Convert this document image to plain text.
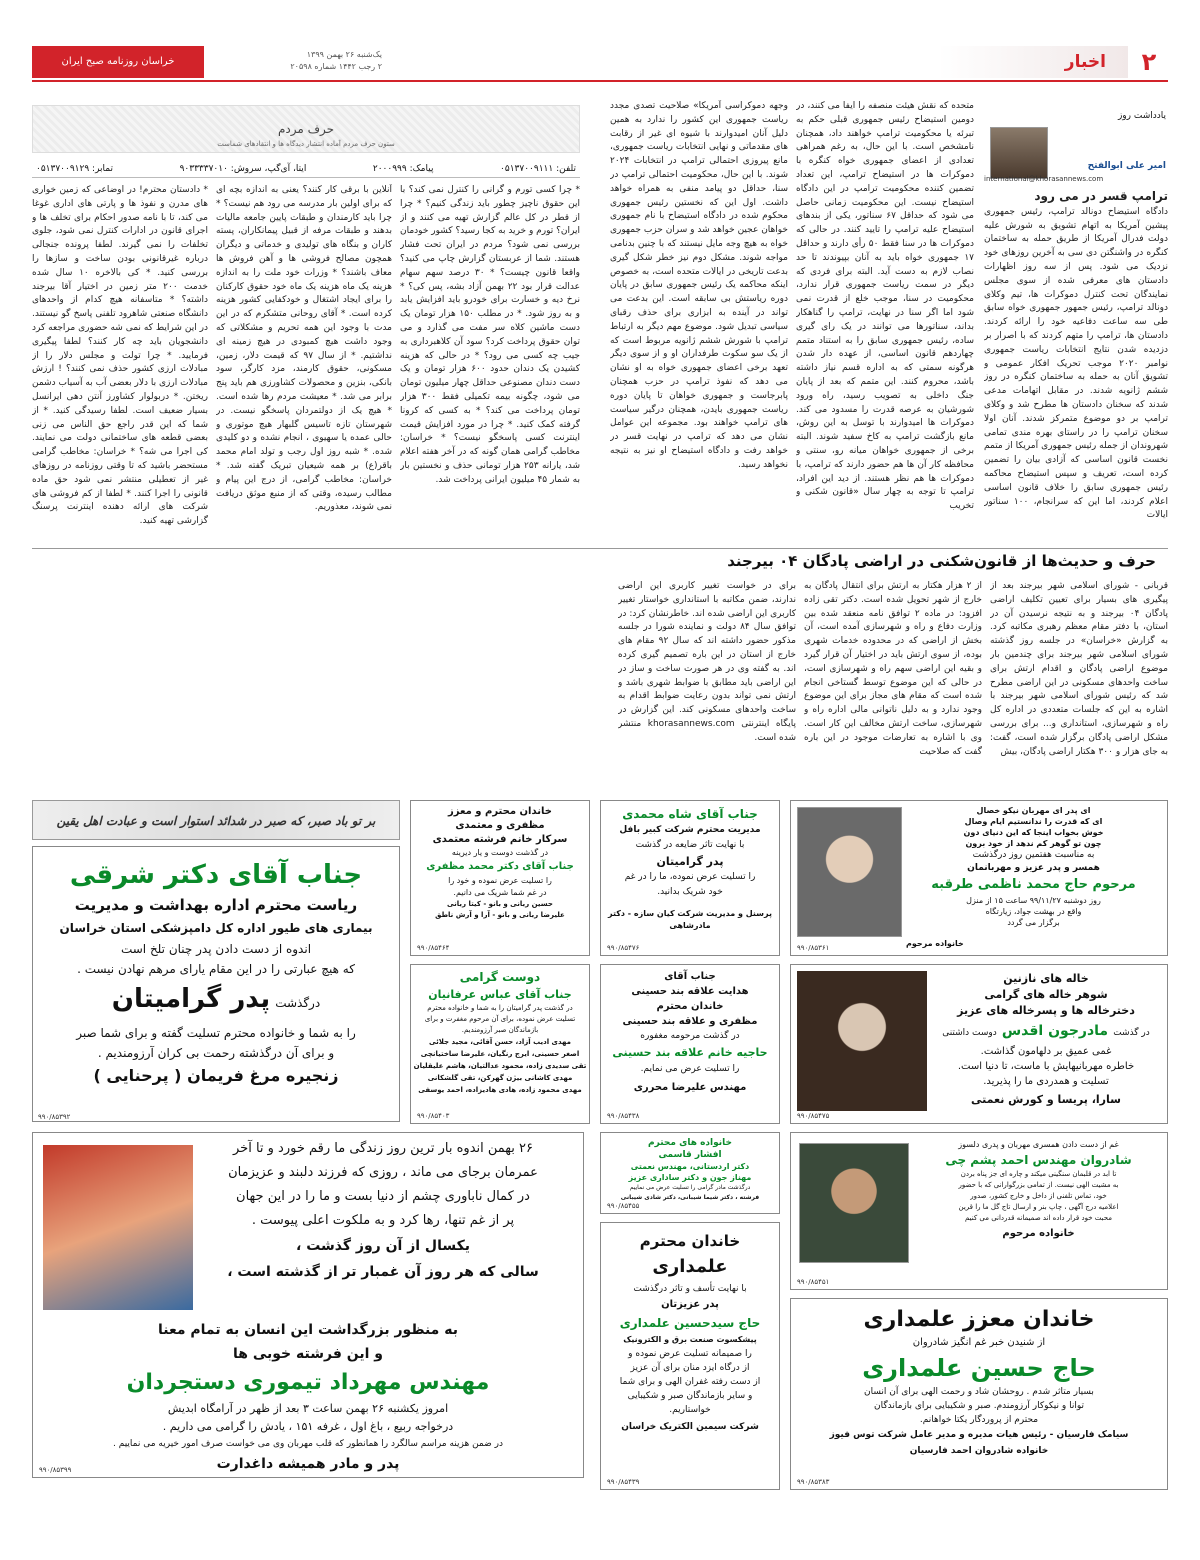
۲
اخبار
یک‌شنبه ۲۶ بهمن ۱۳۹۹
۲ رجب ۱۴۴۲ شماره ۲۰۵۹۸
خراسان روزنامه صبح ایران
یادداشت روز
امیر علی ابوالفتح
international@khorasannews.com
ترامپ قسر در می رود
دادگاه استیضاح دونالد ترامپ، رئیس جمهوری پیشین آمریکا به اتهام تشویق به شورش علیه دولت فدرال آمریکا از طریق حمله به ساختمان کنگره در واشنگتن دی سی به آخرین روزهای خود نزدیک می شود. پس از سه روز اظهارات دادستان های معرفی شده از سوی مجلس نمایندگان تحت کنترل دموکرات ها، تیم وکلای دونالد ترامپ، رئیس جمهور جمهوری خواه سابق طی سه ساعت دفاعیه خود را ارائه کردند. دادستان ها، ترامپ را متهم کردند که با اصرار بر دزدیده شدن نتایج انتخابات ریاست جمهوری نوامبر ۲۰۲۰ موجب تحریک افکار عمومی و تشویق آنان به حمله به ساختمان کنگره در روز ششم ژانویه شدند. در مقابل اتهامات مدعی شدند که سخنان دادستان ها مطرح شد و وکلای ترامپ بر دو موضوع متمرکز شدند. آنان اولا سخنان ترامپ را در راستای بهره مندی تمامی شهروندان از جمله رئیس جمهوری آمریکا از متمم نخست قانون اساسی که آزادی بیان را تضمین کرده است، تعریف و سپس استیضاح محاکمه رئیس جمهوری سابق را خلاف قانون اساسی اعلام کردند، اما این که سرانجام، ۱۰۰ سناتور ایالات
متحده که نقش هیئت منصفه را ایفا می کنند، در دومین استیضاح رئیس جمهوری قبلی حکم به تبرئه یا محکومیت ترامپ خواهند داد، همچنان نامشخص است. با این حال، به رغم همراهی تعدادی از اعضای جمهوری خواه کنگره با دموکرات ها در استیضاح ترامپ، این تعداد تضمین کننده محکومیت ترامپ در این دادگاه استیضاح نیست. این محکومیت زمانی حاصل می شود که حداقل ۶۷ سناتور، یکی از بندهای استیضاح علیه ترامپ را تایید کنند. در حالی که دموکرات ها در سنا فقط ۵۰ رأی دارند و حداقل ۱۷ جمهوری خواه باید به آنان بپیوندند تا حد نصاب لازم به دست آید. البته برای فردی که دیگر در سمت ریاست جمهوری قرار ندارد، محکومیت در سنا، موجب خلع از قدرت نمی شود اما اگر سنا در نهایت، ترامپ را گناهکار بداند، سناتورها می توانند در یک رای گیری ساده، رئیس جمهوری سابق را به استناد متمم چهاردهم قانون اساسی، از عهده دار شدن هرگونه سمتی که به اداره قسم نیاز داشته باشد، محروم کنند. این متمم که بعد از پایان جنگ داخلی به تصویب رسید، راه ورود شورشیان به عرصه قدرت را مسدود می کند. دموکرات ها امیدوارند با توسل به این روش، مانع بازگشت ترامپ به کاخ سفید شوند. البته برخی از جمهوری خواهان میانه رو، سنتی و محافظه کار آن ها هم حضور دارند که ترامپ، با دموکرات ها هم نظر هستند. از دید این افراد، ترامپ تا توجه به چهار سال «قانون شکنی و تخریب
وجهه دموکراسی آمریکا» صلاحیت تصدی مجدد ریاست جمهوری این کشور را ندارد به همین دلیل آنان امیدوارند با شیوه ای غیر از رقابت های مقدماتی و نهایی انتخابات ریاست جمهوری، مانع پیروزی احتمالی ترامپ در انتخابات ۲۰۲۴ شوند. با این حال، محکومیت احتمالی ترامپ در سنا، حداقل دو پیامد منفی به همراه خواهد داشت. اول این که نخستین رئیس جمهوری محکوم شده در دادگاه استیضاح با نام جمهوری خواهان عجین خواهد شد و سران حزب جمهوری خواه به هیچ وجه مایل نیستند که با چنین بدنامی مواجه شوند. مشکل دوم نیز خطر شکل گیری بدعت تاریخی در ایالات متحده است، به خصوص اینکه محاکمه یک رئیس جمهوری سابق در پایان دوره ریاستش بی سابقه است. این بدعت می تواند در آینده به ابزاری برای حذف رقبای سیاسی تبدیل شود. موضوع مهم دیگر به ارتباط ترامپ با شورش ششم ژانویه مربوط است که از یک سو سکوت طرفداران او و از سوی دیگر تعهد برخی اعضای جمهوری خواه به او نشان می دهد که نفوذ ترامپ در حزب همچنان پابرجاست و جمهوری خواهان تا پایان دوره ریاست جمهوری بایدن، همچنان درگیر سیاست های ترامپ خواهند بود. مجموعه این عوامل نشان می دهد که ترامپ در نهایت قسر در خواهد رفت و دادگاه استیضاح او نیز به نتیجه نخواهد رسید.
حرف مردم
ستون حرف مردم آماده انتشار دیدگاه ها و انتقادهای شماست
تلفن: ۰۵۱۳۷۰۰۹۱۱۱
پیامک: ۲۰۰۰۹۹۹
ایتا، آی‌گپ، سروش: ۹۰۳۳۳۳۷۰۱۰
تمابر: ۰۵۱۳۷۰۰۹۱۲۹
* چرا کسی تورم و گرانی را کنترل نمی کند؟ با این حقوق ناچیز چطور باید زندگی کنیم؟ * چرا از قطر در کل عالم گزارش تهیه می کنند و از ایران؟ تورم و خرید به کجا رسید؟ کشور خودمان بررسی نمی شود؟ مردم در ایران تحت فشار هستند. شما از عربستان گزارش چاپ می کنید؟ واقعا قانون چیست؟ * ۳۰ درصد سهم سهام عدالت قرار بود ۲۲ بهمن آزاد بشه، پس کی؟ * نرخ دیه و خسارت برای خودرو باید افزایش یابد و به روز شود. * در مطلب ۱۵۰ هزار تومان یک دست ماشین کلاه سر مفت می گذارد و می توان حقوق پرداخت کرد؟ سود آن کلاهبرداری به جیب چه کسی می رود؟ * در حالی که هزینه کشیدن یک دندان حدود ۶۰۰ هزار تومان و یک دست دندان مصنوعی حداقل چهار میلیون تومان می شود، چگونه بیمه تکمیلی فقط ۳۰۰ هزار تومان پرداخت می کند؟ * به کسی که کرونا گرفته کمک کنید. * چرا در مورد افزایش قیمت اینترنت کسی پاسخگو نیست؟ * خراسان: مخاطب گرامی همان گونه که در آخر هفته اعلام شد، یارانه ۲۵۳ هزار تومانی حذف و نخستین بار به شمار ۴۵ میلیون ایرانی پرداخت شد.
آنلاین با برقی کار کنند؟ یعنی به اندازه بچه ای که برای اولین بار مدرسه می رود هم نیست؟ * چرا باید کارمندان و طبقات پایین جامعه مالیات بدهند و طبقات مرفه از قبیل پیمانکاران، پسته کاران و بنگاه های تولیدی و خدماتی و دیگران همچون مصالح فروشی ها و آهن فروش ها معاف باشند؟ * وزرات خود ملت را به اندازه هزینه یک ماه هزینه یک ماه خود حقوق کارکنان را برای ایجاد اشتغال و خودکفایی کشور هزینه کرده است. * آقای روحانی متشکرم که در این مدت با وجود این همه تحریم و مشکلاتی که وجود داشت هیچ کمبودی در هیچ زمینه ای نداشتیم. * از سال ۹۷ که قیمت دلار، زمین، مسکونی، حقوق کارمند، مزد کارگر، سود بانکی، بنزین و محصولات کشاورزی هم باید پنج برابر می شد. * معیشت مردم رها شده است. * هیچ یک از دولتمردان پاسخگو نیست. در شهرستان تازه تاسیس گلبهار هیچ موتوری و حالی عمده یا سهیوی ، انجام نشده و دو کلیدی شده. * شبه روز اول رجب و تولد امام محمد باقر(ع) بر همه شیعیان تبریک گفته شد. * خراسان: مخاطب گرامی، از درج این پیام و مطالب رسیده، وقتی که از منبع موثق دریافت نمی شوند، معذوریم.
* دادستان محترم! در اوضاعی که زمین خواری های مدرن و نفوذ ها و پارتی های اداری غوغا می کند، تا با نامه صدور احکام برای تخلف ها و اجرای قانون در ادارات کنترل نمی شود، جلوی تخلفات را نمی گیرند. لطفا پرونده جنجالی درباره غیرقانونی بودن ساخت و سازها را بررسی کنید. * کی بالاخره ۱۰ سال شده خدمت ۲۰۰ متر زمین در اختیار آقا بیرجند داشته؟ * متاسفانه هیچ کدام از واحدهای دانشگاه صنعتی شاهرود تلفنی پاسخ گو نیستند. در این شرایط که نمی شه حضوری مراجعه کرد دانشجویان باید چه کار کنند؟ لطفا پیگیری فرمایید. * چرا تولت و مجلس دلار را از مبادلات ارزی کشور حذف نمی کنند؟ ! ارزش مبادلات ارزی با دلار بعضی آب به آسیاب دشمن ریختن. * دربولوار کشاورز آنتن دهی ایرانسل بسیار ضعیف است. لطفا رسیدگی کنید. * از شما که این قدر راجع حق الناس می زنی بعضی قطعه های ساختمانی دولت می نمایند. کی اجرا می شه؟ * خراسان: مخاطب گرامی مستحضر باشید که تا وقتی روزنامه در روزهای غیر از تعطیلی منتشر نمی شود حق ماده قانونی را اجرا کنند. * لطفا از کم فروشی های شرکت های ارائه دهنده اینترنت پرسنگ گزارشی تهیه کنید.
حرف و حدیث‌ها از قانون‌شکنی در اراضی پادگان ۰۴ بیرجند
قربانی - شورای اسلامی شهر بیرجند بعد از پیگیری های بسیار برای تعیین تکلیف اراضی پادگان ۰۴ بیرجند و به نتیجه نرسیدن آن در استان، با دفتر مقام معظم رهبری مکاتبه کرد. به گزارش «خراسان» در جلسه روز گذشته شورای اسلامی شهر بیرجند برای چندمین بار موضوع اراضی پادگان و اقدام ارتش برای ساخت واحدهای مسکونی در این اراضی مطرح شد که رئیس شورای اسلامی شهر بیرجند با اشاره به این که جلسات متعددی در اداره کل راه و شهرسازی، استانداری و... برای بررسی مشکل اراضی پادگان برگزار شده است، گفت: به جای هزار و ۳۰۰ هکتار اراضی پادگان، بیش
از ۲ هزار هکتار به ارتش برای انتقال پادگان به خارج از شهر تحویل شده است. دکتر تقی زاده افزود: در ماده ۲ توافق نامه منعقد شده بین وزارت دفاع و راه و شهرسازی آمده است، آن بخش از اراضی که در محدوده خدمات شهری بوده، از سوی ارتش باید در اختیار آن قرار گیرد و بقیه این اراضی سهم راه و شهرسازی است، در حالی که این موضوع توسط گستاخی انجام شده است که مقام های مجاز برای این موضوع وجود ندارد و به دلیل ناتوانی مالی اداره راه و شهرسازی، ساخت ارتش مخالف این کار است. وی با اشاره به تعارضات موجود در این باره گفت که صلاحیت
برای در خواست تغییر کاربری این اراضی ندارند، ضمن مکاتبه با استانداری خواستار تغییر کاربری این اراضی شده اند. خاطرنشان کرد: در توافق سال ۸۴ دولت و نماینده شورا در جلسه مذکور حضور داشته اند که سال ۹۲ مقام های خارج از استان در این باره تصمیم گیری کرده اند. به گفته وی در هر صورت ساخت و ساز در این اراضی باید مطابق با ضوابط شهری باشد و ارتش نمی تواند بدون رعایت ضوابط اقدام به ساخت واحدهای مسکونی کند. این گزارش در پایگاه اینترنتی khorasannews.com منتشر شده است.
ای پدر ای مهربان نیکو خصال
ای که قدرت را ندانستیم ایام وصال
خوش بخواب اینجا که این دنیای دون
چون تو گوهر کم ندهد از خود برون
به مناسبت هفتمین روز درگذشت
همسر و پدر عزیز و مهربانمان
مرحوم حاج محمد ناظمی طرقبه
روز دوشنبه ۹۹/۱۱/۲۷ ساعت ۱۵ از منزل
واقع در بهشت جواد، زیارتگاه
برگزار می گردد
خانواده مرحوم
۹۹۰/۸۵۳۶۱
جناب آقای شاه محمدی
مدیریت محترم شرکت کبیر بافل
با نهایت تاثر ضایعه در گذشت
پدر گرامیتان
را تسلیت عرض نموده، ما را در غم
خود شریک بدانید.
پرسنل و مدیریت شرکت کیان سازه - دکتر مادرشاهی
۹۹۰/۸۵۴۷۶
خاندان محترم و معزز
مظفری و معتمدی
سرکار خانم فرشته معتمدی
در گذشت دوست و یار دیرینه
جناب آقای دکتر محمد مظفری
را تسلیت عرض نموده و خود را
در غم شما شریک می دانیم.
حسین ربانی و بانو - کیتا ربانی
علیرضا ربانی و بانو - آرا و آرش ناطق
۹۹۰/۸۵۴۶۴
بر تو باد صبر، که صبر در شدائد استوار است و عبادت اهل یقین
جناب آقای دکتر شرقی
ریاست محترم اداره بهداشت و مدیریت
بیماری های طیور اداره کل دامپزشکی استان خراسان
اندوه از دست دادن پدر چنان تلخ است
که هیچ عبارتی را در این مقام یارای مرهم نهادن نیست .
درگذشت پدر گرامیتان
را به شما و خانواده محترم تسلیت گفته و برای شما صبر
و برای آن درگذشته رحمت بی کران آرزومندیم .
زنجیره مرغ فریمان ( پرحنایی )
۹۹۰/۸۵۳۹۲
خاله های نازنین
شوهر خاله های گرامی
دخترخاله ها و پسرخاله های عزیز
در گذشت مادرجون اقدس دوست داشتنی
غمی عمیق بر دلهامون گذاشت.
خاطره مهربانیهایش با ماست، تا دنیا است.
تسلیت و همدردی ما را پذیرید.
سارا، پریسا و کورش نعمتی
۹۹۰/۸۵۴۷۵
جناب آقای
هدایت علاقه بند حسینی
خاندان محترم
مظفری و علاقه بند حسینی
در گذشت مرحومه مغفوره
حاجیه خانم علاقه بند حسینی
را تسلیت عرض می نمایم.
مهندس علیرضا محرری
۹۹۰/۸۵۴۳۸
دوست گرامی
جناب آقای عباس عرفانیان
در گذشت پدر گرامیتان را به شما و خانواده محترم تسلیت عرض نموده، برای آن مرحوم مغفرت و برای بازماندگان صبر آرزومندیم.
مهدی ادیب آزاد، حسن آقائی، مجید جلائی
اصغر حسینی، ایرج رنگیان، علیرضا ساختیانچی
تقی سدیدی زاده، محمود عدالتیان، هاشم علیقلیان
مهدی کاشانی بیژن گهرکن، تقی گلشکانی
مهدی محمود زاده، هادی هادیزاده، احمد یوسفی
۹۹۰/۸۵۴۰۳
۲۶ بهمن اندوه بار ترین روز زندگی ما رقم خورد و تا آخر
عمرمان برجای می ماند ، روزی که فرزند دلبند و عزیزمان
در کمال ناباوری چشم از دنیا بست و ما را در این جهان
پر از غم تنها، رها کرد و به ملکوت اعلی پیوست .
یکسال از آن روز گذشت ،
سالی که هر روز آن غمبار تر از گذشته است ،
به منظور بزرگداشت این انسان به تمام معنا
و این فرشته خوبی ها
مهندس مهرداد تیموری دستجردان
امروز یکشنبه ۲۶ بهمن ساعت ۳ بعد از ظهر در آرامگاه ابدیش
درخواجه ربیع ، باغ اول ، غرفه ۱۵۱ ، یادش را گرامی می داریم .
در ضمن هزینه مراسم سالگرد را همانطور که قلب مهربان وی می خواست صرف امور خیریه می نماییم .
پدر و مادر همیشه داغدارت
۹۹۰/۸۵۳۹۹
خانواده های محترم
افشار قاسمی
دکتر اردستانی، مهندس نعمتی
مهناز جون و دکتر ساداری عزیز
درگذشت مادر گرامی را تسلیت عرض می نماییم
فرشته ، دکتر شیما شیبانی، دکتر شادی شیبانی
۹۹۰/۸۵۴۵۵
خاندان محترم
علمداری
با نهایت تأسف و تاثر درگذشت
پدر عزیزتان
حاج سیدحسین علمداری
پیشکسوت صنعت برق و الکترونیک
را صمیمانه تسلیت عرض نموده و
از درگاه ایزد منان برای آن عزیز
از دست رفته غفران الهی و برای شما
و سایر بازماندگان صبر و شکیبایی
خواستاریم.
شرکت سیمین الکتریک خراسان
۹۹۰/۸۵۴۳۹
غم از دست دادن همسری مهربان و پدری دلسوز
شادروان مهندس احمد پشم چی
تا ابد در قلبمان سنگینی میکند و چاره ای جز پناه بردن
به مشیت الهی نیست. از تمامی بزرگوارانی که با حضور
خود، تماس تلفنی از داخل و خارج کشور، صدور
اعلامیه درج آگهی ، چاپ بنر و ارسال تاج گل ما را قرین
محبت خود قرار داده اند صمیمانه قدردانی می کنیم
خانواده مرحوم
۹۹۰/۸۵۴۵۱
خاندان معزز علمداری
از شنیدن خبر غم انگیز شادروان
حاج حسین علمداری
بسیار متاثر شدم . روحشان شاد و رحمت الهی برای آن انسان
توانا و نیکوکار آرزومندم. صبر و شکیبایی برای بازماندگان
محترم از پروردگار یکتا خواهانم.
سیامک فارسیان - رئیس هیات مدیره و مدیر عامل شرکت توس فیوز
خانواده شادروان احمد فارسیان
۹۹۰/۸۵۳۸۳
